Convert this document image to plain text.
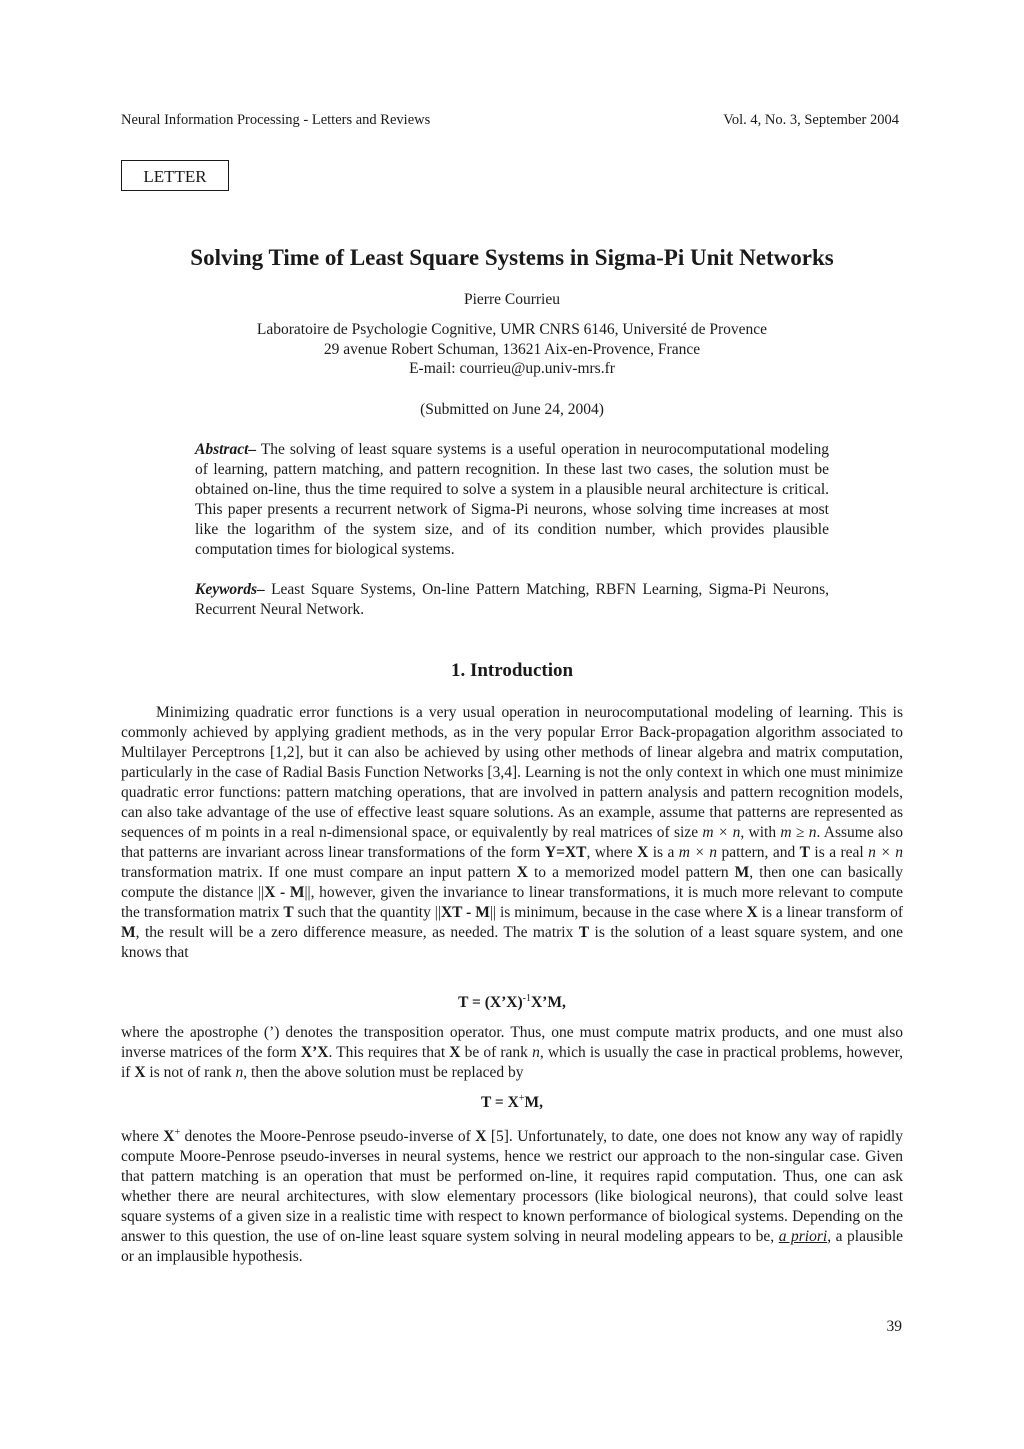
Neural Information Processing - Letters and Reviews	Vol. 4, No. 3, September 2004
LETTER
Solving Time of Least Square Systems in Sigma-Pi Unit Networks
Pierre Courrieu
Laboratoire de Psychologie Cognitive, UMR CNRS 6146, Université de Provence
29 avenue Robert Schuman, 13621 Aix-en-Provence, France
E-mail: courrieu@up.univ-mrs.fr
(Submitted on June 24, 2004)
Abstract– The solving of least square systems is a useful operation in neurocomputational modeling of learning, pattern matching, and pattern recognition. In these last two cases, the solution must be obtained on-line, thus the time required to solve a system in a plausible neural architecture is critical. This paper presents a recurrent network of Sigma-Pi neurons, whose solving time increases at most like the logarithm of the system size, and of its condition number, which provides plausible computation times for biological systems.
Keywords– Least Square Systems, On-line Pattern Matching, RBFN Learning, Sigma-Pi Neurons, Recurrent Neural Network.
1. Introduction
Minimizing quadratic error functions is a very usual operation in neurocomputational modeling of learning. This is commonly achieved by applying gradient methods, as in the very popular Error Back-propagation algorithm associated to Multilayer Perceptrons [1,2], but it can also be achieved by using other methods of linear algebra and matrix computation, particularly in the case of Radial Basis Function Networks [3,4]. Learning is not the only context in which one must minimize quadratic error functions: pattern matching operations, that are involved in pattern analysis and pattern recognition models, can also take advantage of the use of effective least square solutions. As an example, assume that patterns are represented as sequences of m points in a real n-dimensional space, or equivalently by real matrices of size m × n, with m ≥ n. Assume also that patterns are invariant across linear transformations of the form Y=XT, where X is a m × n pattern, and T is a real n × n transformation matrix. If one must compare an input pattern X to a memorized model pattern M, then one can basically compute the distance ||X - M||, however, given the invariance to linear transformations, it is much more relevant to compute the transformation matrix T such that the quantity ||XT - M|| is minimum, because in the case where X is a linear transform of M, the result will be a zero difference measure, as needed. The matrix T is the solution of a least square system, and one knows that
T = (X’X)$^{-1}$X’M,
where the apostrophe (’) denotes the transposition operator. Thus, one must compute matrix products, and one must also inverse matrices of the form X’X. This requires that X be of rank n, which is usually the case in practical problems, however, if X is not of rank n, then the above solution must be replaced by
T = X+M,
where X+ denotes the Moore-Penrose pseudo-inverse of X [5]. Unfortunately, to date, one does not know any way of rapidly compute Moore-Penrose pseudo-inverses in neural systems, hence we restrict our approach to the non-singular case. Given that pattern matching is an operation that must be performed on-line, it requires rapid computation. Thus, one can ask whether there are neural architectures, with slow elementary processors (like biological neurons), that could solve least square systems of a given size in a realistic time with respect to known performance of biological systems. Depending on the answer to this question, the use of on-line least square system solving in neural modeling appears to be, a priori, a plausible or an implausible hypothesis.
39
